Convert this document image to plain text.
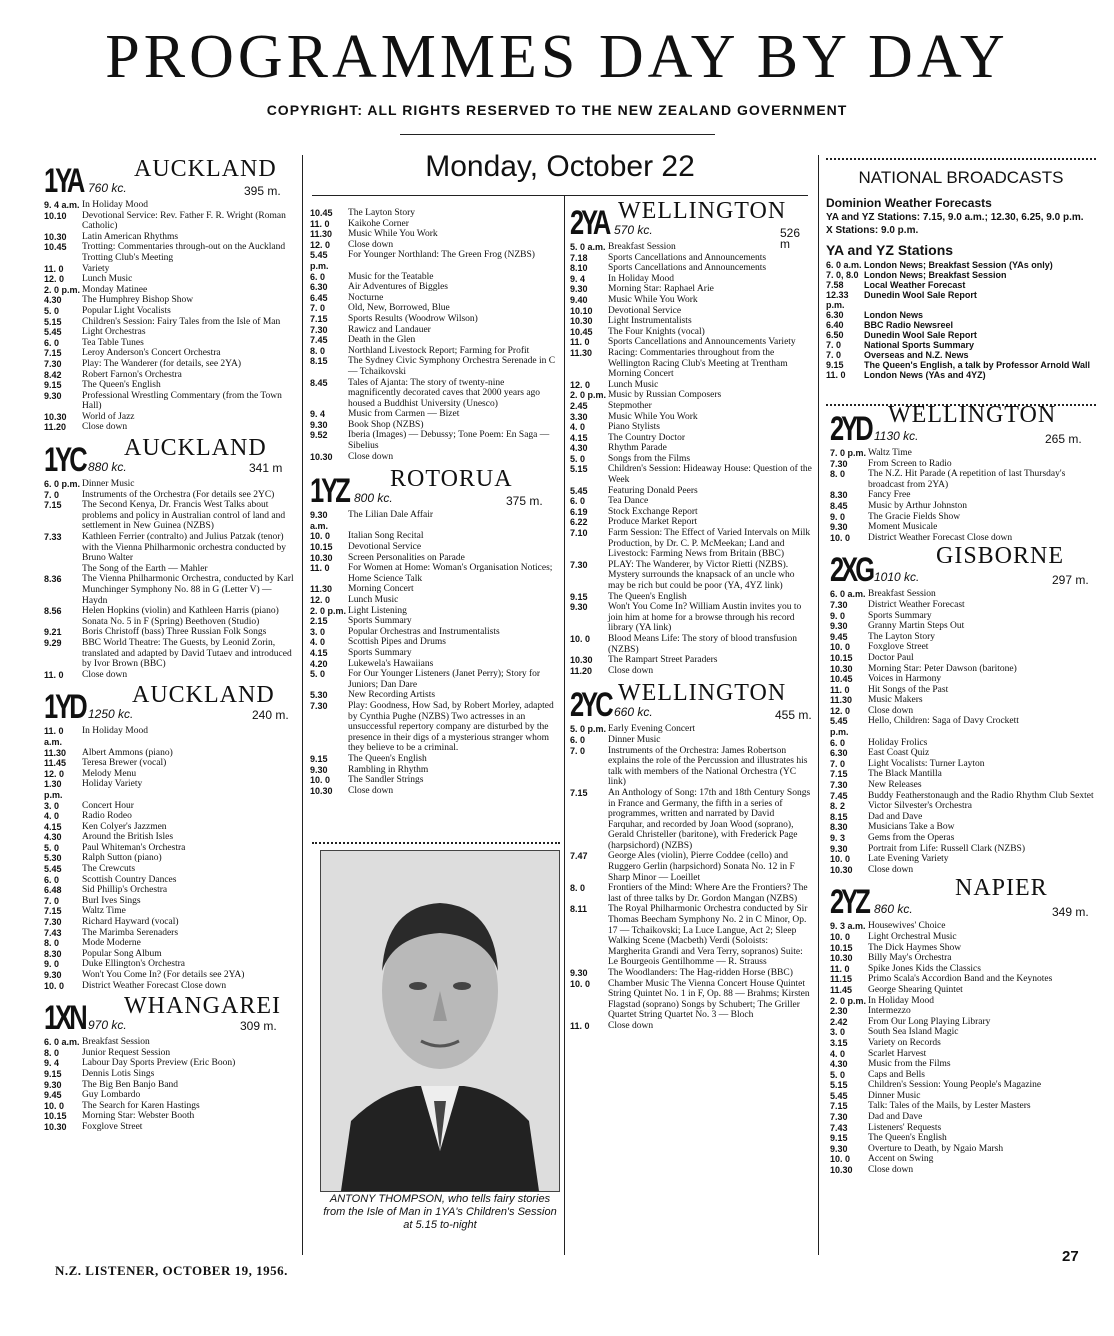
PROGRAMMES DAY BY DAY
COPYRIGHT: ALL RIGHTS RESERVED TO THE NEW ZEALAND GOVERNMENT
Monday, October 22
1YA 760 kc.
AUCKLAND
395 m.
9. 4 a.m. In Holiday Mood
10.10	Devotional Service: Rev. Father F. R. Wright (Roman Catholic)
10.30	Latin American Rhythms
10.45	Trotting: Commentaries through-out on the Auckland Trotting Club's Meeting
11. 0	Variety
12. 0	Lunch Music
2. 0 p.m. Monday Matinee
4.30	The Humphrey Bishop Show
5. 0	Popular Light Vocalists
5.15	Children's Session: Fairy Tales from the Isle of Man
5.45	Light Orchestras
6. 0	Tea Table Tunes
7.15	Leroy Anderson's Concert Orchestra
7.30	Play: The Wanderer (for details, see 2YA)
8.42	Robert Farnon's Orchestra
9.15	The Queen's English
9.30	Professional Wrestling Commentary (from the Town Hall)
10.30	World of Jazz
11.20	Close down
1YC 880 kc.
AUCKLAND
341 m
6. 0 p.m. Dinner Music
7. 0	Instruments of the Orchestra (For details see 2YC)
7.15	The Second Kenya, Dr. Francis West Talks about problems and policy in Australian control of land and settlement in New Guinea (NZBS)
7.33	Kathleen Ferrier (contralto) and Julius Patzak (tenor) with the Vienna Philharmonic orchestra conducted by Bruno Walter
The Song of the Earth — Mahler
8.36	The Vienna Philharmonic Orchestra, conducted by Karl Munchinger Symphony No. 88 in G (Letter V) — Haydn
8.56	Helen Hopkins (violin) and Kathleen Harris (piano) Sonata No. 5 in F (Spring) Beethoven (Studio)
9.21	Boris Christoff (bass) Three Russian Folk Songs
9.29	BBC World Theatre: The Guests, by Leonid Zorin, translated and adapted by David Tutaev and introduced by Ivor Brown (BBC)
11. 0	Close down
1YD 1250 kc.
AUCKLAND
240 m.
11. 0 a.m.
In Holiday Mood
11.30	Albert Ammons (piano)
11.45	Teresa Brewer (vocal)
12. 0	Melody Menu
1.30 p.m.
Holiday Variety
3. 0	Concert Hour
4. 0	Radio Rodeo
4.15	Ken Colyer's Jazzmen
4.30	Around the British Isles
5. 0	Paul Whiteman's Orchestra
5.30	Ralph Sutton (piano)
5.45	The Crewcuts
6. 0	Scottish Country Dances
6.48	Sid Phillip's Orchestra
7. 0	Burl Ives Sings
7.15	Waltz Time
7.30	Richard Hayward (vocal)
7.43	The Marimba Serenaders
8. 0	Mode Moderne
8.30	Popular Song Album
9. 0	Duke Ellington's Orchestra
9.30	Won't You Come In? (For details see 2YA)
10. 0	District Weather Forecast Close down
1XN 970 kc.
WHANGAREI
309 m.
6. 0 a.m. Breakfast Session
8. 0	Junior Request Session
9. 4	Labour Day Sports Preview (Eric Boon)
9.15	Dennis Lotis Sings
9.30	The Big Ben Banjo Band
9.45	Guy Lombardo
10. 0	The Search for Karen Hastings
10.15	Morning Star: Webster Booth
10.30	Foxglove Street
10.45	The Layton Story
11. 0	Kaikohe Corner
11.30	Music While You Work
12. 0	Close down
5.45 p.m.
For Younger Northland: The Green Frog (NZBS)
6. 0	Music for the Teatable
6.30	Air Adventures of Biggles
6.45	Nocturne
7. 0	Old, New, Borrowed, Blue
7.15	Sports Results (Woodrow Wilson)
7.30	Rawicz and Landauer
7.45	Death in the Glen
8. 0	Northland Livestock Report; Farming for Profit
8.15	The Sydney Civic Symphony Orchestra Serenade in C — Tchaikovski
8.45	Tales of Ajanta: The story of twenty-nine magnificently decorated caves that 2000 years ago housed a Buddhist University (Unesco)
9. 4	Music from Carmen — Bizet
9.30	Book Shop (NZBS)
9.52	Iberia (Images) — Debussy; Tone Poem: En Saga — Sibelius
10.30	Close down
1YZ 800 kc.
ROTORUA
375 m.
9.30 a.m.
The Lilian Dale Affair
10. 0	Italian Song Recital
10.15	Devotional Service
10.30	Screen Personalities on Parade
11. 0	For Women at Home: Woman's Organisation Notices; Home Science Talk
11.30	Morning Concert
12. 0	Lunch Music
2. 0 p.m. Light Listening
2.15	Sports Summary
3. 0	Popular Orchestras and Instrumentalists
4. 0	Scottish Pipes and Drums
4.15	Sports Summary
4.20	Lukewela's Hawaiians
5. 0	For Our Younger Listeners (Janet Perry); Story for Juniors; Dan Dare
5.30	New Recording Artists
7.30	Play: Goodness, How Sad, by Robert Morley, adapted by Cynthia Pughe (NZBS) Two actresses in an unsuccessful repertory company are disturbed by the presence in their digs of a mysterious stranger whom they believe to be a criminal.
9.15	The Queen's English
9.30	Rambling in Rhythm
10. 0	The Sandler Strings
10.30	Close down
ANTONY THOMPSON, who tells fairy stories from the Isle of Man in 1YA's Children's Session at 5.15 to-night
2YA 570 kc.
WELLINGTON
526 m
5. 0 a.m. Breakfast Session
7.18	Sports Cancellations and Announcements
8.10	Sports Cancellations and Announcements
9. 4	In Holiday Mood
9.30	Morning Star: Raphael Arie
9.40	Music While You Work
10.10	Devotional Service
10.30	Light Instrumentalists
10.45	The Four Knights (vocal)
11. 0	Sports Cancellations and Announcements Variety
11.30	Racing: Commentaries throughout from the Wellington Racing Club's Meeting at Trentham Morning Concert
12. 0	Lunch Music
2. 0 p.m. Music by Russian Composers
2.45	Stepmother
3.30	Music While You Work
4. 0	Piano Stylists
4.15	The Country Doctor
4.30	Rhythm Parade
5. 0	Songs from the Films
5.15	Children's Session: Hideaway House: Question of the Week
5.45	Featuring Donald Peers
6. 0	Tea Dance
6.19	Stock Exchange Report
6.22	Produce Market Report
7.10	Farm Session: The Effect of Varied Intervals on Milk Production, by Dr. C. P. McMeekan; Land and Livestock: Farming News from Britain (BBC)
7.30	PLAY: The Wanderer, by Victor Rietti (NZBS). Mystery surrounds the knapsack of an uncle who may be rich but could be poor (YA, 4YZ link)
9.15	The Queen's English
9.30	Won't You Come In? William Austin invites you to join him at home for a browse through his record library (YA link)
10. 0	Blood Means Life: The story of blood transfusion (NZBS)
10.30	The Rampart Street Paraders
11.20	Close down
2YC 660 kc.
WELLINGTON
455 m.
5. 0 p.m. Early Evening Concert
6. 0	Dinner Music
7. 0	Instruments of the Orchestra: James Robertson explains the role of the Percussion and illustrates his talk with members of the National Orchestra (YC link)
7.15	An Anthology of Song: 17th and 18th Century Songs in France and Germany, the fifth in a series of programmes, written and narrated by David Farquhar, and recorded by Joan Wood (soprano), Gerald Christeller (baritone), with Frederick Page (harpsichord) (NZBS)
7.47	George Ales (violin), Pierre Coddee (cello) and Ruggero Gerlin (harpsichord) Sonata No. 12 in F Sharp Minor — Loeillet
8. 0	Frontiers of the Mind: Where Are the Frontiers? The last of three talks by Dr. Gordon Mangan (NZBS)
8.11	The Royal Philharmonic Orchestra conducted by Sir Thomas Beecham Symphony No. 2 in C Minor, Op. 17 — Tchaikovski; La Luce Langue, Act 2; Sleep Walking Scene (Macbeth) Verdi (Soloists: Margherita Grandi and Vera Terry, sopranos) Suite: Le Bourgeois Gentilhomme — R. Strauss
9.30	The Woodlanders: The Hag-ridden Horse (BBC)
10. 0	Chamber Music The Vienna Concert House Quintet String Quintet No. 1 in F, Op. 88 — Brahms; Kirsten Flagstad (soprano) Songs by Schubert; The Griller Quartet String Quartet No. 3 — Bloch
11. 0	Close down
NATIONAL BROADCASTS
Dominion Weather Forecasts
YA and YZ Stations: 7.15, 9.0 a.m.; 12.30, 6.25, 9.0 p.m.
X Stations: 9.0 p.m.
YA and YZ Stations
6. 0 a.m. London News; Breakfast Session (YAs only)
7. 0, 8.0 London News; Breakfast Session
7.58	Local Weather Forecast
12.33 p.m.
Dunedin Wool Sale Report
6.30	London News
6.40	BBC Radio Newsreel
6.50	Dunedin Wool Sale Report
7. 0	National Sports Summary
7. 0	Overseas and N.Z. News
9.15	The Queen's English, a talk by Professor Arnold Wall
11. 0	London News (YAs and 4YZ)
2YD 1130 kc.
WELLINGTON
265 m.
7. 0 p.m. Waltz Time
7.30	From Screen to Radio
8. 0	The N.Z. Hit Parade (A repetition of last Thursday's broadcast from 2YA)
8.30	Fancy Free
8.45	Music by Arthur Johnston
9. 0	The Gracie Fields Show
9.30	Moment Musicale
10. 0	District Weather Forecast Close down
2XG 1010 kc.
GISBORNE
297 m.
6. 0 a.m. Breakfast Session
7.30	District Weather Forecast
9. 0	Sports Summary
9.30	Granny Martin Steps Out
9.45	The Layton Story
10. 0	Foxglove Street
10.15	Doctor Paul
10.30	Morning Star: Peter Dawson (baritone)
10.45	Voices in Harmony
11. 0	Hit Songs of the Past
11.30	Music Makers
12. 0	Close down
5.45 p.m.
Hello, Children: Saga of Davy Crockett
6. 0	Holiday Frolics
6.30	East Coast Quiz
7. 0	Light Vocalists: Turner Layton
7.15	The Black Mantilla
7.30	New Releases
7.45	Buddy Featherstonaugh and the Radio Rhythm Club Sextet
8. 2	Victor Silvester's Orchestra
8.15	Dad and Dave
8.30	Musicians Take a Bow
9. 3	Gems from the Operas
9.30	Portrait from Life: Russell Clark (NZBS)
10. 0	Late Evening Variety
10.30	Close down
2YZ 860 kc.
NAPIER
349 m.
9. 3 a.m. Housewives' Choice
10. 0	Light Orchestral Music
10.15	The Dick Haymes Show
10.30	Billy May's Orchestra
11. 0	Spike Jones Kids the Classics
11.15	Primo Scala's Accordion Band and the Keynotes
11.45	George Shearing Quintet
2. 0 p.m. In Holiday Mood
2.30	Intermezzo
2.42	From Our Long Playing Library
3. 0	South Sea Island Magic
3.15	Variety on Records
4. 0	Scarlet Harvest
4.30	Music from the Films
5. 0	Caps and Bells
5.15	Children's Session: Young People's Magazine
5.45	Dinner Music
7.15	Talk: Tales of the Mails, by Lester Masters
7.30	Dad and Dave
7.43	Listeners' Requests
9.15	The Queen's English
9.30	Overture to Death, by Ngaio Marsh
10. 0	Accent on Swing
10.30	Close down
N.Z. LISTENER, OCTOBER 19, 1956.
27
